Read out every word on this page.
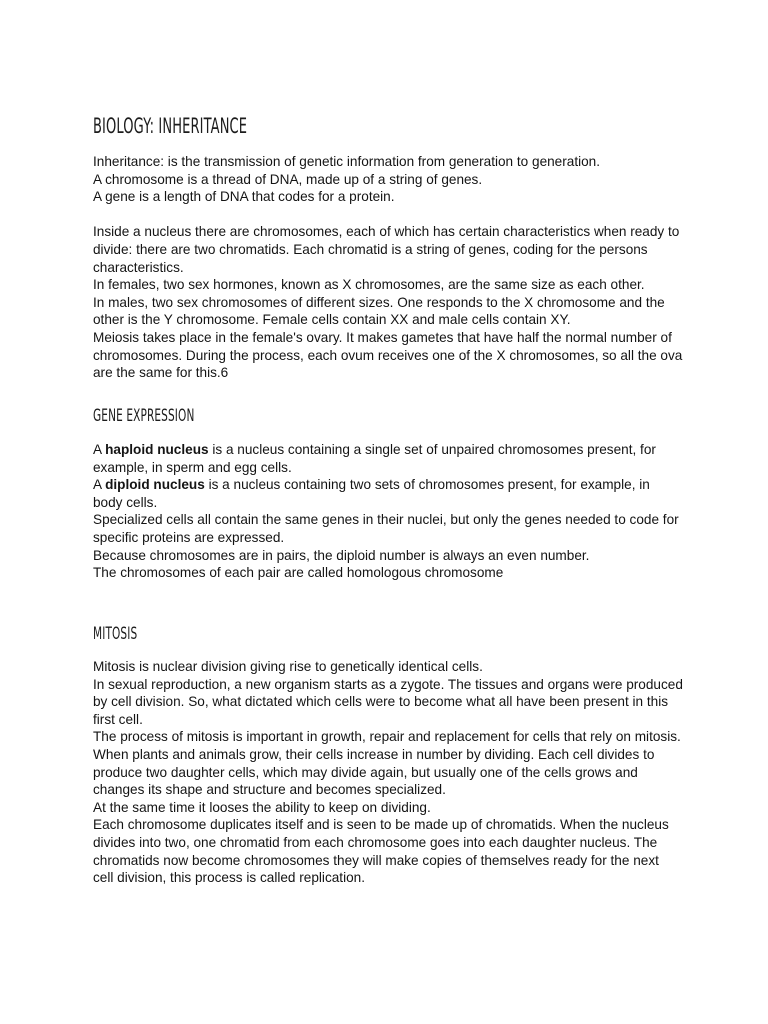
BIOLOGY: INHERITANCE

Inheritance: is the transmission of genetic information from generation to generation.

A chromosome is a thread of DNA, made up of a string of genes.

A gene is a length of DNA that codes for a protein.

Inside a nucleus there are chromosomes, each of which has certain characteristics when ready to divide: there are two chromatids. Each chromatid is a string of genes, coding for the persons characteristics.

In females, two sex hormones, known as X chromosomes, are the same size as each other.

In males, two sex chromosomes of different sizes. One responds to the X chromosome and the other is the Y chromosome. Female cells contain XX and male cells contain XY.

Meiosis takes place in the female's ovary. It makes gametes that have half the normal number of chromosomes. During the process, each ovum receives one of the X chromosomes, so all the ova are the same for this.6

GENE EXPRESSION

A haploid nucleus is a nucleus containing a single set of unpaired chromosomes present, for example, in sperm and egg cells.

A diploid nucleus is a nucleus containing two sets of chromosomes present, for example, in body cells.

Specialized cells all contain the same genes in their nuclei, but only the genes needed to code for specific proteins are expressed.

Because chromosomes are in pairs, the diploid number is always an even number.

The chromosomes of each pair are called homologous chromosome

MITOSIS

Mitosis is nuclear division giving rise to genetically identical cells.

In sexual reproduction, a new organism starts as a zygote. The tissues and organs were produced by cell division. So, what dictated which cells were to become what all have been present in this first cell.

The process of mitosis is important in growth, repair and replacement for cells that rely on mitosis.

When plants and animals grow, their cells increase in number by dividing. Each cell divides to produce two daughter cells, which may divide again, but usually one of the cells grows and changes its shape and structure and becomes specialized.

At the same time it looses the ability to keep on dividing.

Each chromosome duplicates itself and is seen to be made up of chromatids. When the nucleus divides into two, one chromatid from each chromosome goes into each daughter nucleus. The chromatids now become chromosomes they will make copies of themselves ready for the next cell division, this process is called replication.
